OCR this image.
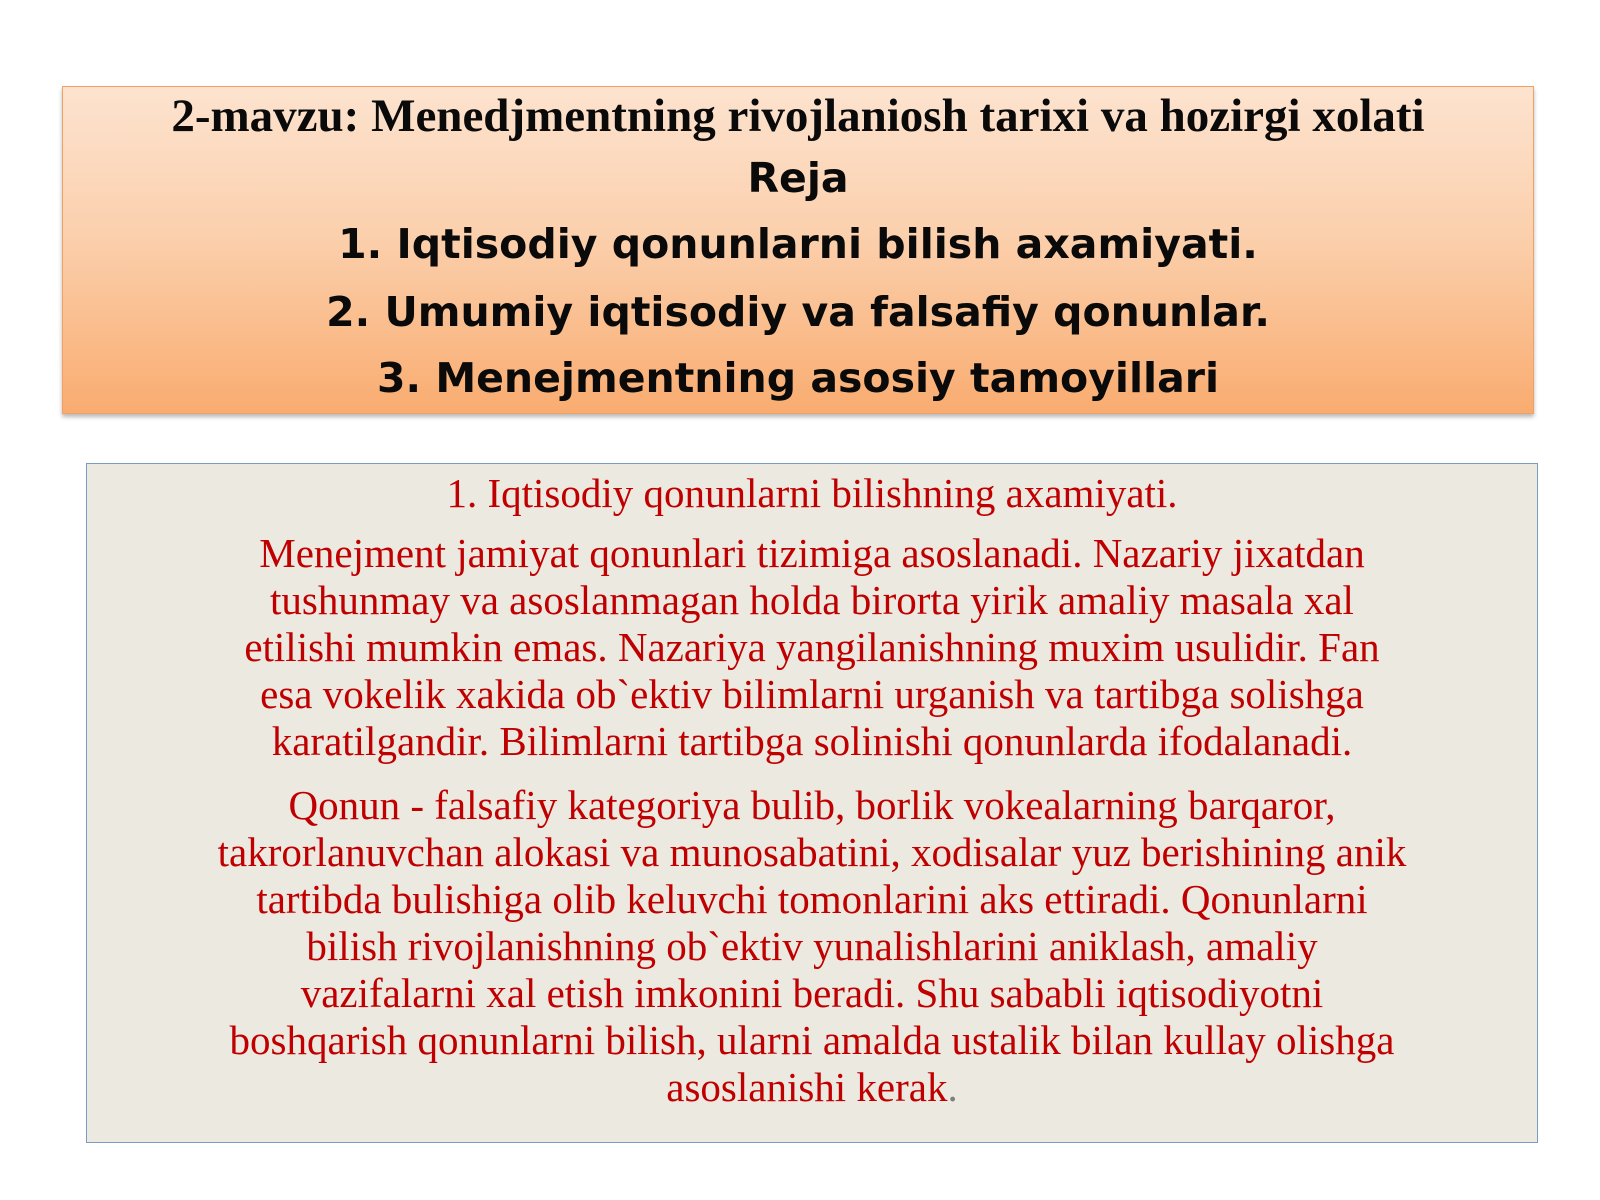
2-mavzu: Menedjmentning rivojlaniosh tarixi va hozirgi xolati
Reja
1. Iqtisodiy qonunlarni bilish axamiyati.
2. Umumiy iqtisodiy va falsafiy qonunlar.
3. Menejmentning asosiy tamoyillari
1. Iqtisodiy qonunlarni bilishning axamiyati.
Menejment jamiyat qonunlari tizimiga asoslanadi. Nazariy jixatdan
tushunmay va asoslanmagan holda birorta yirik amaliy masala xal
etilishi mumkin emas. Nazariya yangilanishning muxim usulidir. Fan
esa vokelik xakida ob`ektiv bilimlarni urganish va tartibga solishga
karatilgandir. Bilimlarni tartibga solinishi qonunlarda ifodalanadi.
Qonun - falsafiy kategoriya bulib, borlik vokealarning barqaror,
takrorlanuvchan alokasi va munosabatini, xodisalar yuz berishining anik
tartibda bulishiga olib keluvchi tomonlarini aks ettiradi. Qonunlarni
bilish rivojlanishning ob`ektiv yunalishlarini aniklash, amaliy
vazifalarni xal etish imkonini beradi. Shu sababli iqtisodiyotni
boshqarish qonunlarni bilish, ularni amalda ustalik bilan kullay olishga
asoslanishi kerak.
